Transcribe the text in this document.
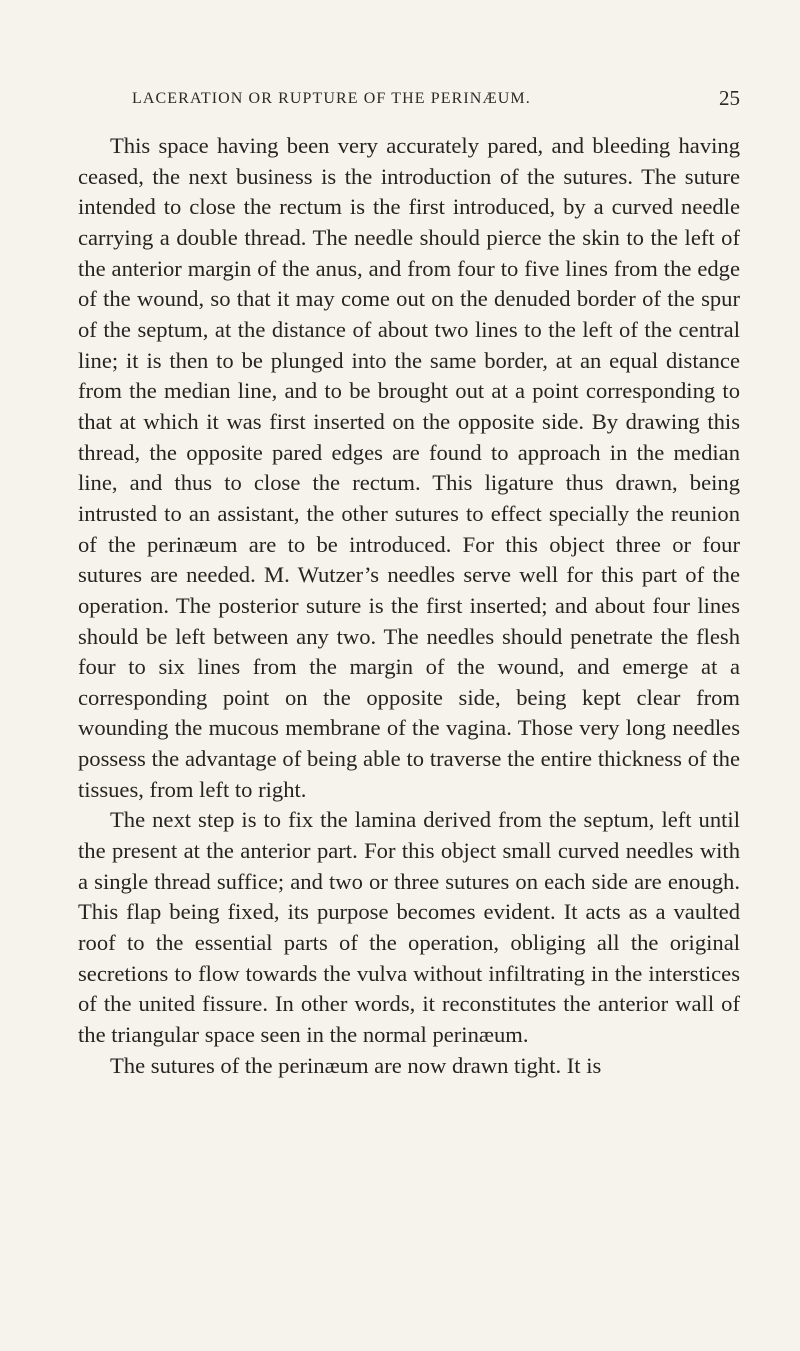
LACERATION OR RUPTURE OF THE PERINÆUM.	25

This space having been very accurately pared, and bleeding having ceased, the next business is the introduction of the sutures. The suture intended to close the rectum is the first introduced, by a curved needle carrying a double thread. The needle should pierce the skin to the left of the anterior margin of the anus, and from four to five lines from the edge of the wound, so that it may come out on the denuded border of the spur of the septum, at the distance of about two lines to the left of the central line; it is then to be plunged into the same border, at an equal distance from the median line, and to be brought out at a point corresponding to that at which it was first inserted on the opposite side. By drawing this thread, the opposite pared edges are found to approach in the median line, and thus to close the rectum. This ligature thus drawn, being intrusted to an assistant, the other sutures to effect specially the reunion of the perinæum are to be introduced. For this object three or four sutures are needed. M. Wutzer’s needles serve well for this part of the operation. The posterior suture is the first inserted; and about four lines should be left between any two. The needles should penetrate the flesh four to six lines from the margin of the wound, and emerge at a corresponding point on the opposite side, being kept clear from wounding the mucous membrane of the vagina. Those very long needles possess the advantage of being able to traverse the entire thickness of the tissues, from left to right.

The next step is to fix the lamina derived from the septum, left until the present at the anterior part. For this object small curved needles with a single thread suffice; and two or three sutures on each side are enough. This flap being fixed, its purpose becomes evident. It acts as a vaulted roof to the essential parts of the operation, obliging all the original secretions to flow towards the vulva without infiltrating in the interstices of the united fissure. In other words, it reconstitutes the anterior wall of the triangular space seen in the normal perinæum.

The sutures of the perinæum are now drawn tight. It is
